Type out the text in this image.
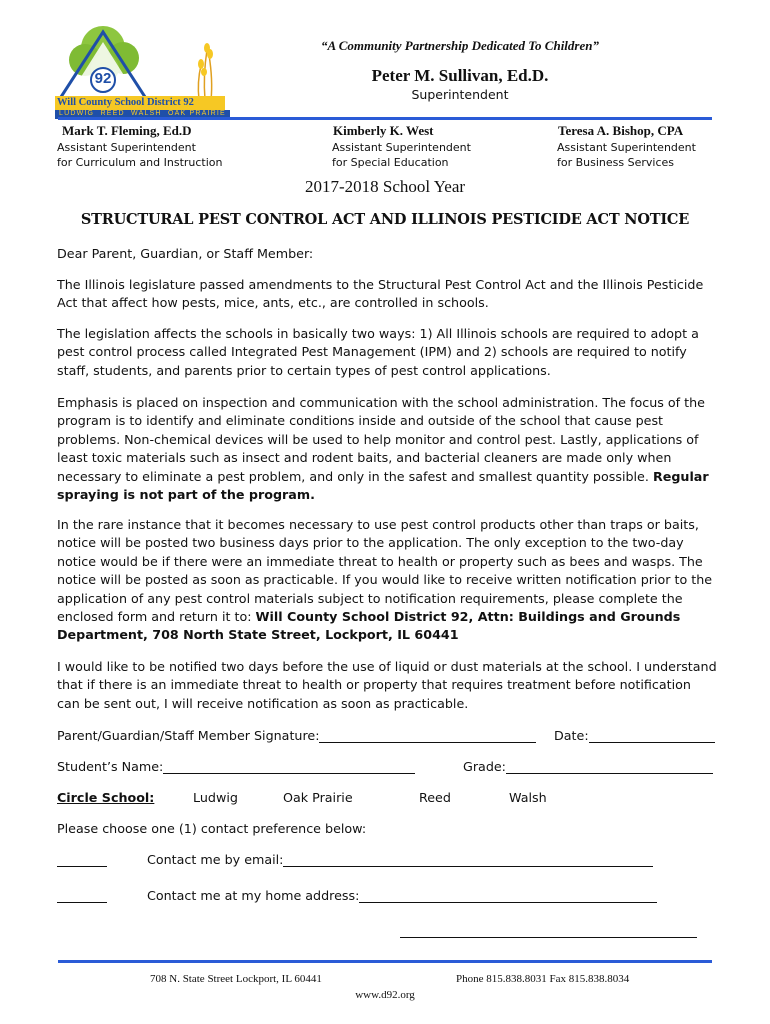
92
Will County School District 92
LUDWIG  REED  WALSH  OAK PRAIRIE
“A Community Partnership Dedicated To Children”
Peter M. Sullivan, Ed.D.
Superintendent
Mark T. Fleming, Ed.D
Assistant Superintendent
for Curriculum and Instruction
Kimberly K. West
Assistant Superintendent
for Special Education
Teresa A. Bishop, CPA
Assistant Superintendent
for Business Services
2017-2018 School Year
STRUCTURAL PEST CONTROL ACT AND ILLINOIS PESTICIDE ACT NOTICE
Dear Parent, Guardian, or Staff Member:
The Illinois legislature passed amendments to the Structural Pest Control Act and the Illinois Pesticide Act that affect how pests, mice, ants, etc., are controlled in schools.
The legislation affects the schools in basically two ways: 1) All Illinois schools are required to adopt a pest control process called Integrated Pest Management (IPM) and 2) schools are required to notify staff, students, and parents prior to certain types of pest control applications.
Emphasis is placed on inspection and communication with the school administration. The focus of the program is to identify and eliminate conditions inside and outside of the school that cause pest problems. Non-chemical devices will be used to help monitor and control pest. Lastly, applications of least toxic materials such as insect and rodent baits, and bacterial cleaners are made only when necessary to eliminate a pest problem, and only in the safest and smallest quantity possible. Regular spraying is not part of the program.
In the rare instance that it becomes necessary to use pest control products other than traps or baits, notice will be posted two business days prior to the application. The only exception to the two-day notice would be if there were an immediate threat to health or property such as bees and wasps. The notice will be posted as soon as practicable. If you would like to receive written notification prior to the application of any pest control materials subject to notification requirements, please complete the enclosed form and return it to: Will County School District 92, Attn: Buildings and Grounds Department, 708 North State Street, Lockport, IL 60441
I would like to be notified two days before the use of liquid or dust materials at the school. I understand that if there is an immediate threat to health or property that requires treatment before notification can be sent out, I will receive notification as soon as practicable.
Parent/Guardian/Staff Member Signature:	Date:
Student’s Name:	Grade:
Circle School:	Ludwig	Oak Prairie	Reed	Walsh
Please choose one (1) contact preference below:
Contact me by email:
Contact me at my home address:
708 N. State Street Lockport, IL 60441	Phone 815.838.8031 Fax 815.838.8034
www.d92.org
